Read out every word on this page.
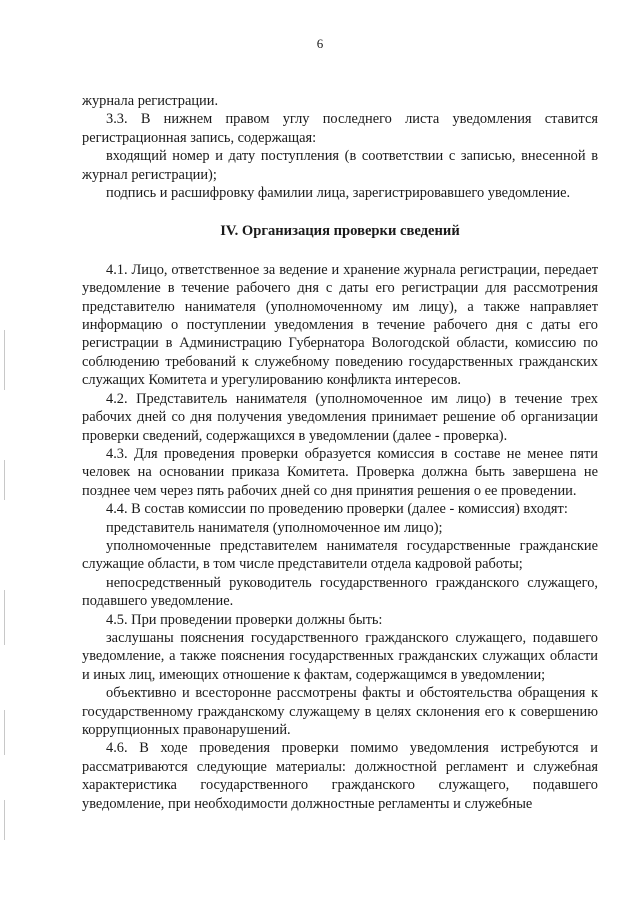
6

журнала регистрации.

3.3. В нижнем правом углу последнего листа уведомления ставится регистрационная запись, содержащая:

входящий номер и дату поступления (в соответствии с записью, внесенной в журнал регистрации);

подпись и расшифровку фамилии лица, зарегистрировавшего уведомление.

IV. Организация проверки сведений

4.1. Лицо, ответственное за ведение и хранение журнала регистрации, передает уведомление в течение рабочего дня с даты его регистрации для рассмотрения представителю нанимателя (уполномоченному им лицу), а также направляет информацию о поступлении уведомления в течение рабочего дня с даты его регистрации в Администрацию Губернатора Вологодской области, комиссию по соблюдению требований к служебному поведению государственных гражданских служащих Комитета и урегулированию конфликта интересов.

4.2. Представитель нанимателя (уполномоченное им лицо) в течение трех рабочих дней со дня получения уведомления принимает решение об организации проверки сведений, содержащихся в уведомлении (далее - проверка).

4.3. Для проведения проверки образуется комиссия в составе не менее пяти человек на основании приказа Комитета. Проверка должна быть завершена не позднее чем через пять рабочих дней со дня принятия решения о ее проведении.

4.4. В состав комиссии по проведению проверки (далее - комиссия) входят:

представитель нанимателя (уполномоченное им лицо);

уполномоченные представителем нанимателя государственные гражданские служащие области, в том числе представители отдела кадровой работы;

непосредственный руководитель государственного гражданского служащего, подавшего уведомление.

4.5. При проведении проверки должны быть:

заслушаны пояснения государственного гражданского служащего, подавшего уведомление, а также пояснения государственных гражданских служащих области и иных лиц, имеющих отношение к фактам, содержащимся в уведомлении;

объективно и всесторонне рассмотрены факты и обстоятельства обращения к государственному гражданскому служащему в целях склонения его к совершению коррупционных правонарушений.

4.6. В ходе проведения проверки помимо уведомления истребуются и рассматриваются следующие материалы: должностной регламент и служебная характеристика государственного гражданского служащего, подавшего уведомление, при необходимости должностные регламенты и служебные
